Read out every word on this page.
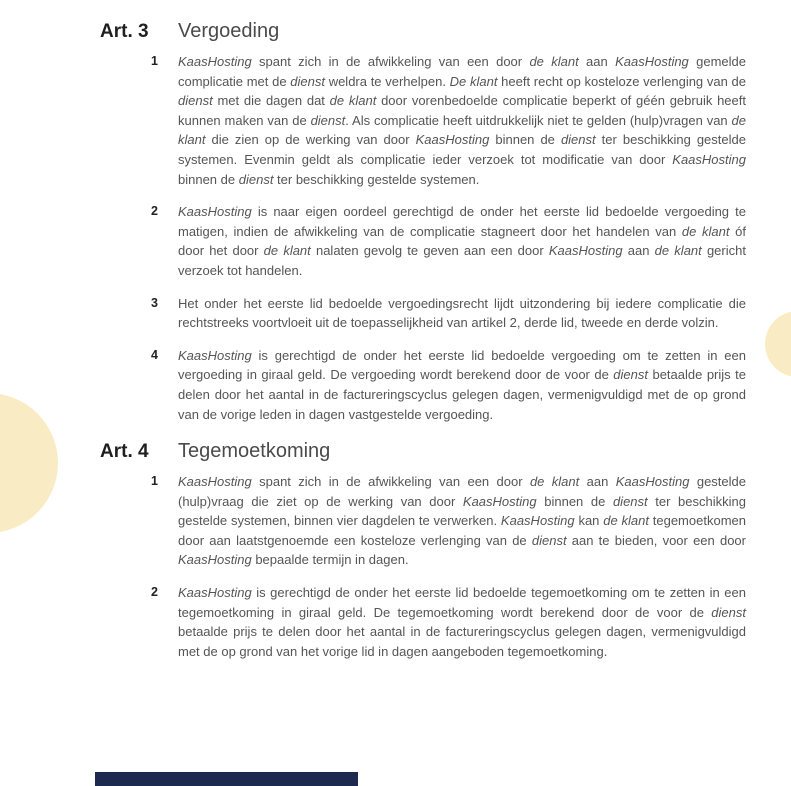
Art. 3	Vergoeding
1	KaasHosting spant zich in de afwikkeling van een door de klant aan KaasHosting gemelde complicatie met de dienst weldra te verhelpen. De klant heeft recht op kosteloze verlenging van de dienst met die dagen dat de klant door vorenbedoelde complicatie beperkt of géén gebruik heeft kunnen maken van de dienst. Als complicatie heeft uitdrukkelijk niet te gelden (hulp)vragen van de klant die zien op de werking van door KaasHosting binnen de dienst ter beschikking gestelde systemen. Evenmin geldt als complicatie ieder verzoek tot modificatie van door KaasHosting binnen de dienst ter beschikking gestelde systemen.

2	KaasHosting is naar eigen oordeel gerechtigd de onder het eerste lid bedoelde vergoeding te matigen, indien de afwikkeling van de complicatie stagneert door het handelen van de klant óf door het door de klant nalaten gevolg te geven aan een door KaasHosting aan de klant gericht verzoek tot handelen.

3	Het onder het eerste lid bedoelde vergoedingsrecht lijdt uitzondering bij iedere complicatie die rechtstreeks voortvloeit uit de toepasselijkheid van artikel 2, derde lid, tweede en derde volzin.

4	KaasHosting is gerechtigd de onder het eerste lid bedoelde vergoeding om te zetten in een vergoeding in giraal geld. De vergoeding wordt berekend door de voor de dienst betaalde prijs te delen door het aantal in de factureringscyclus gelegen dagen, vermenigvuldigd met de op grond van de vorige leden in dagen vastgestelde vergoeding.

Art. 4	Tegemoetkoming
1	KaasHosting spant zich in de afwikkeling van een door de klant aan KaasHosting gestelde (hulp)vraag die ziet op de werking van door KaasHosting binnen de dienst ter beschikking gestelde systemen, binnen vier dagdelen te verwerken. KaasHosting kan de klant tegemoetkomen door aan laatstgenoemde een kosteloze verlenging van de dienst aan te bieden, voor een door KaasHosting bepaalde termijn in dagen.

2	KaasHosting is gerechtigd de onder het eerste lid bedoelde tegemoetkoming om te zetten in een tegemoetkoming in giraal geld. De tegemoetkoming wordt berekend door de voor de dienst betaalde prijs te delen door het aantal in de factureringscyclus gelegen dagen, vermenigvuldigd met de op grond van het vorige lid in dagen aangeboden tegemoetkoming.
